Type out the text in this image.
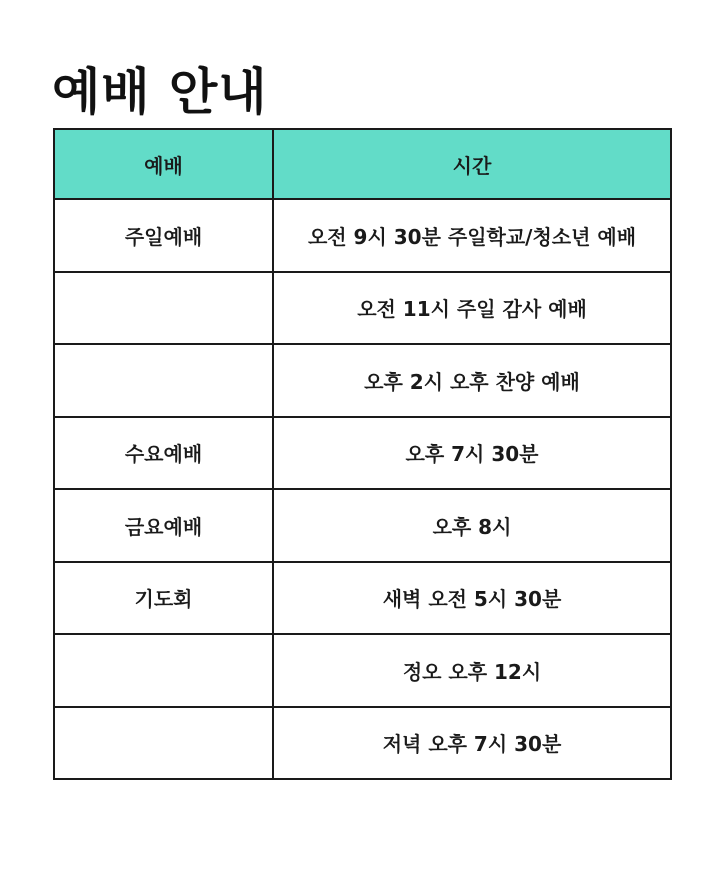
예배 안내
예배	시간
주일예배	오전 9시 30분 주일학교/청소년 예배
	오전 11시 주일 감사 예배
	오후 2시 오후 찬양 예배
수요예배	오후 7시 30분
금요예배	오후 8시
기도회	새벽 오전 5시 30분
	정오 오후 12시
	저녁 오후 7시 30분
